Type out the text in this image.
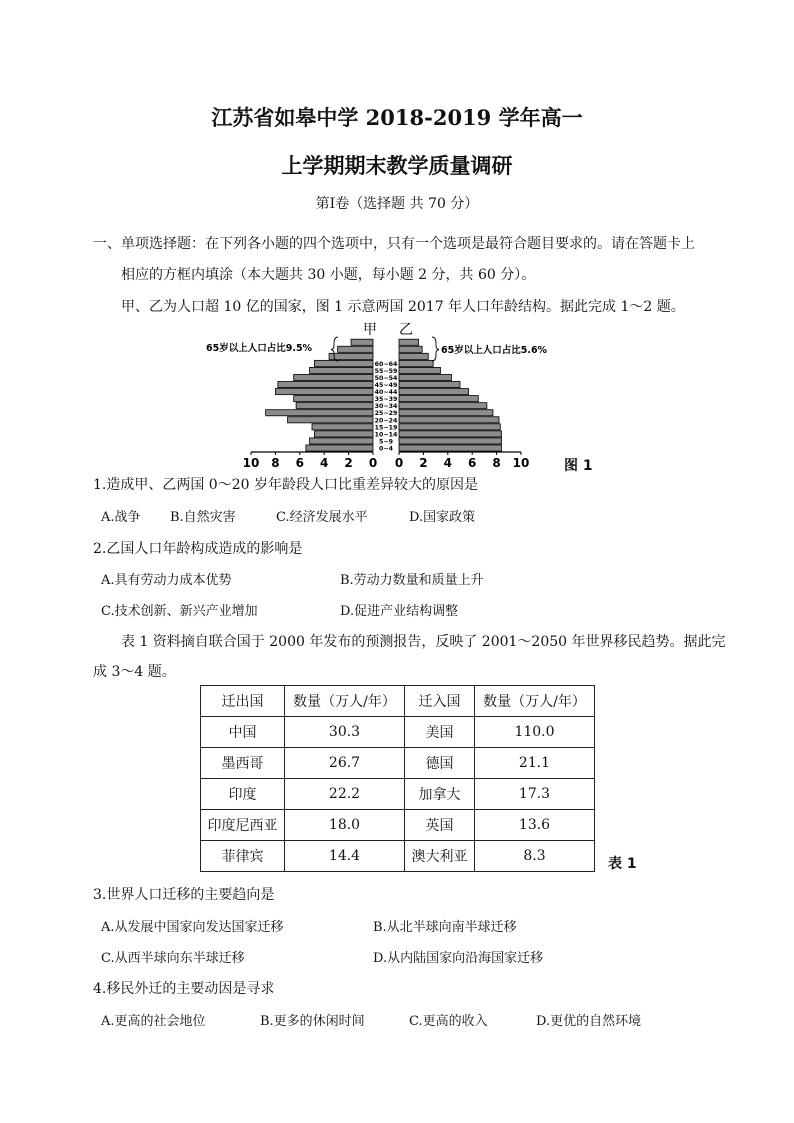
江苏省如皋中学 2018-2019 学年高一
上学期期末教学质量调研
第Ⅰ卷（选择题 共 70 分）
一、单项选择题：在下列各小题的四个选项中，只有一个选项是最符合题目要求的。请在答题卡上
相应的方框内填涂（本大题共 30 小题，每小题 2 分，共 60 分）。
甲、乙为人口超 10 亿的国家，图 1 示意两国 2017 年人口年龄结构。据此完成 1～2 题。
0~4
5~9
10~14
15~19
20~24
25~29
30~34
35~39
40~44
45~49
50~54
55~59
60~64
10 8 6 4 2 0 0 2 4 6 8 10
甲 乙
65岁以上人口占比9.5%	65岁以上人口占比5.6%
图 1
1.造成甲、乙两国 0～20 岁年龄段人口比重差异较大的原因是
A.战争 B.自然灾害	C.经济发展水平	D.国家政策
2.乙国人口年龄构成造成的影响是
A.具有劳动力成本优势	B.劳动力数量和质量上升
C.技术创新、新兴产业增加	D.促进产业结构调整
表 1 资料摘自联合国于 2000 年发布的预测报告，反映了 2001～2050 年世界移民趋势。据此完
成 3～4 题。
迁出国	数量（万人/年）	迁入国	数量（万人/年）
中国	30.3	美国	110.0
墨西哥	26.7	德国	21.1
印度	22.2	加拿大	17.3
印度尼西亚	18.0	英国	13.6
菲律宾	14.4	澳大利亚	8.3	表 1
3.世界人口迁移的主要趋向是
A.从发展中国家向发达国家迁移	B.从北半球向南半球迁移
C.从西半球向东半球迁移	D.从内陆国家向沿海国家迁移
4.移民外迁的主要动因是寻求
A.更高的社会地位	B.更多的休闲时间	C.更高的收入	D.更优的自然环境
